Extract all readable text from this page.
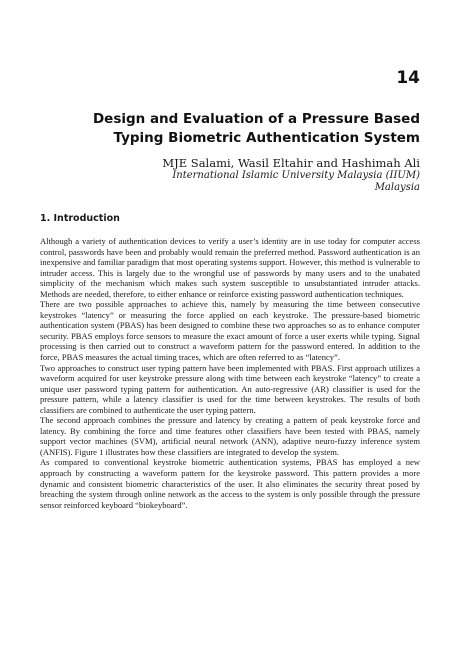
14
Design and Evaluation of a Pressure Based
Typing Biometric Authentication System
MJE Salami, Wasil Eltahir and Hashimah Ali
International Islamic University Malaysia (IIUM)
Malaysia
1. Introduction

Although a variety of authentication devices to verify a user’s identity are in use today for computer access control, passwords have been and probably would remain the preferred method. Password authentication is an inexpensive and familiar paradigm that most operating systems support. However, this method is vulnerable to intruder access. This is largely due to the wrongful use of passwords by many users and to the unabated simplicity of the mechanism which makes such system susceptible to unsubstantiated intruder attacks. Methods are needed, therefore, to either enhance or reinforce existing password authentication techniques.

There are two possible approaches to achieve this, namely by measuring the time between consecutive keystrokes “latency” or measuring the force applied on each keystroke. The pressure-based biometric authentication system (PBAS) has been designed to combine these two approaches so as to enhance computer security. PBAS employs force sensors to measure the exact amount of force a user exerts while typing. Signal processing is then carried out to construct a waveform pattern for the password entered. In addition to the force, PBAS measures the actual timing traces, which are often referred to as “latency”.

Two approaches to construct user typing pattern have been implemented with PBAS. First approach utilizes a waveform acquired for user keystroke pressure along with time between each keystroke “latency” to create a unique user password typing pattern for authentication. An auto-regressive (AR) classifier is used for the pressure pattern, while a latency classifier is used for the time between keystrokes. The results of both classifiers are combined to authenticate the user typing pattern.

The second approach combines the pressure and latency by creating a pattern of peak keystroke force and latency. By combining the force and time features other classifiers have been tested with PBAS, namely support vector machines (SVM), artificial neural network (ANN), adaptive neuro-fuzzy inference system (ANFIS). Figure 1 illustrates how these classifiers are integrated to develop the system.

As compared to conventional keystroke biometric authentication systems, PBAS has employed a new approach by constructing a waveform pattern for the keystroke password. This pattern provides a more dynamic and consistent biometric characteristics of the user. It also eliminates the security threat posed by breaching the system through online network as the access to the system is only possible through the pressure sensor reinforced keyboard “biokeyboard”.
